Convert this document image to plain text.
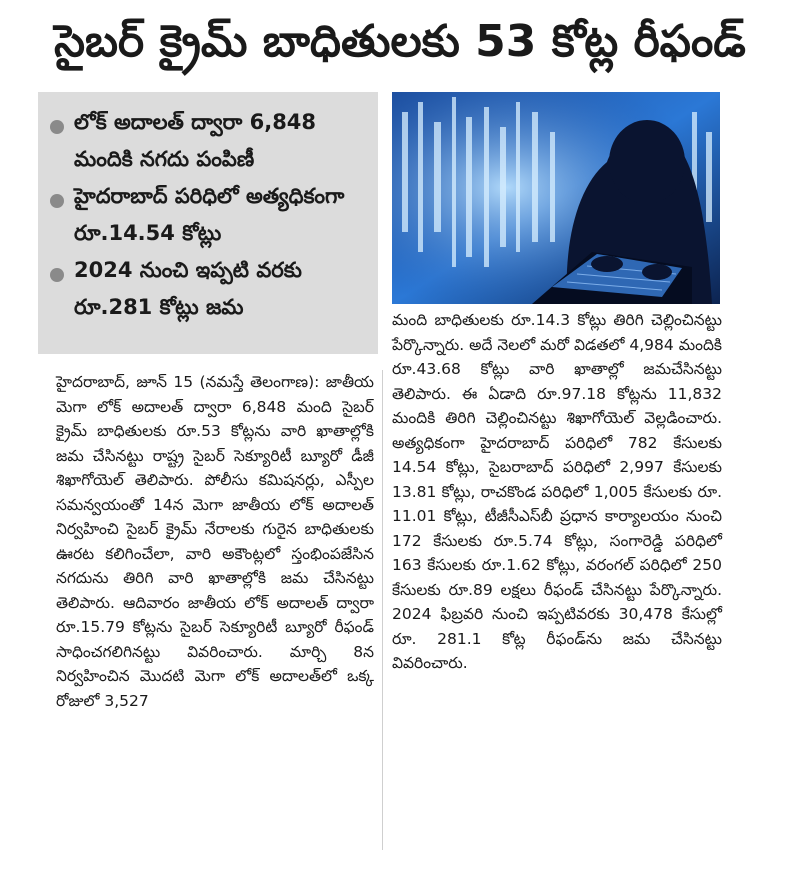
సైబర్ క్రైమ్ బాధితులకు 53 కోట్ల రీఫండ్
లోక్ అదాలత్ ద్వారా 6,848 మందికి నగదు పంపిణీ
హైదరాబాద్ పరిధిలో అత్యధికంగా రూ.14.54 కోట్లు
2024 నుంచి ఇప్పటి వరకు రూ.281 కోట్లు జమ

హైదరాబాద్, జూన్ 15 (నమస్తే తెలంగాణ): జాతీయ మెగా లోక్ అదాలత్ ద్వారా 6,848 మంది సైబర్ క్రైమ్ బాధితులకు రూ.53 కోట్లను వారి ఖాతాల్లోకి జమ చేసినట్టు రాష్ట్ర సైబర్ సెక్యూరిటీ బ్యూరో డీజీ శిఖాగోయెల్ తెలిపారు. పోలీసు కమిషనర్లు, ఎస్పీల సమన్వయంతో 14న మెగా జాతీయ లోక్ అదాలత్ నిర్వహించి సైబర్ క్రైమ్ నేరాలకు గురైన బాధితులకు ఊరట కలిగించేలా, వారి అకౌంట్లలో స్తంభింపజేసిన నగదును తిరిగి వారి ఖాతాల్లోకి జమ చేసినట్టు తెలిపారు. ఆదివారం జాతీయ లోక్ అదాలత్ ద్వారా రూ.15.79 కోట్లను సైబర్ సెక్యూరిటీ బ్యూరో రీఫండ్ సాధించగలిగినట్టు వివరించారు. మార్చి 8న నిర్వహించిన మొదటి మెగా లోక్ అదాలత్‌లో ఒక్క రోజులో 3,527

మంది బాధితులకు రూ.14.3 కోట్లు తిరిగి చెల్లించినట్టు పేర్కొన్నారు. అదే నెలలో మరో విడతలో 4,984 మందికి రూ.43.68 కోట్లు వారి ఖాతాల్లో జమచేసినట్టు తెలిపారు. ఈ ఏడాది రూ.97.18 కోట్లను 11,832 మందికి తిరిగి చెల్లించినట్టు శిఖాగోయెల్ వెల్లడించారు. అత్యధికంగా హైదరాబాద్ పరిధిలో 782 కేసులకు 14.54 కోట్లు, సైబరాబాద్ పరిధిలో 2,997 కేసులకు 13.81 కోట్లు, రాచకొండ పరిధిలో 1,005 కేసులకు రూ. 11.01 కోట్లు, టీజీసీఎస్‌బీ ప్రధాన కార్యాలయం నుంచి 172 కేసులకు రూ.5.74 కోట్లు, సంగారెడ్డి పరిధిలో 163 కేసులకు రూ.1.62 కోట్లు, వరంగల్ పరిధిలో 250 కేసులకు రూ.89 లక్షలు రీఫండ్ చేసినట్టు పేర్కొన్నారు. 2024 ఫిబ్రవరి నుంచి ఇప్పటివరకు 30,478 కేసుల్లో రూ. 281.1 కోట్ల రీఫండ్‌ను జమ చేసినట్టు వివరించారు.
